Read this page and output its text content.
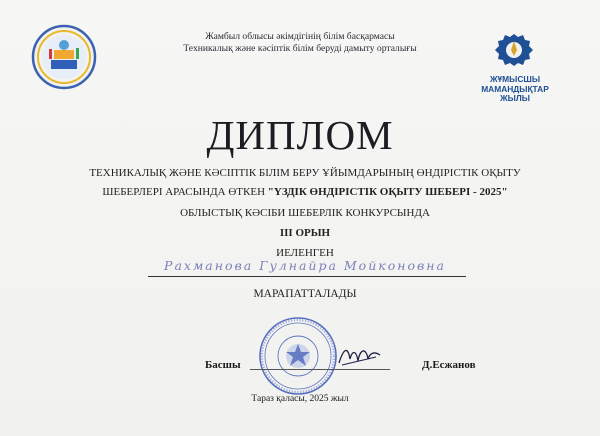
Жамбыл облысы әкімдігінің білім басқармасы
Техникалық және кәсіптік білім беруді дамыту орталығы
ЖҰМЫСШЫ
МАМАНДЫҚТАР
ЖЫЛЫ
ДИПЛОМ
ТЕХНИКАЛЫҚ ЖӘНЕ КӘСІПТІК БІЛІМ БЕРУ ҰЙЫМДАРЫНЫҢ ӨНДІРІСТІК ОҚЫТУ
ШЕБЕРЛЕРІ АРАСЫНДА ӨТКЕН "ҮЗДІК ӨНДІРІСТІК ОҚЫТУ ШЕБЕРІ - 2025"
ОБЛЫСТЫҚ КӘСІБИ ШЕБЕРЛІК КОНКУРСЫНДА
III ОРЫН
ИЕЛЕНГЕН
Рахманова Гулнайра Мойконовна
МАРАПАТТАЛАДЫ
Басшы	Д.Есжанов
Тараз қаласы, 2025 жыл
